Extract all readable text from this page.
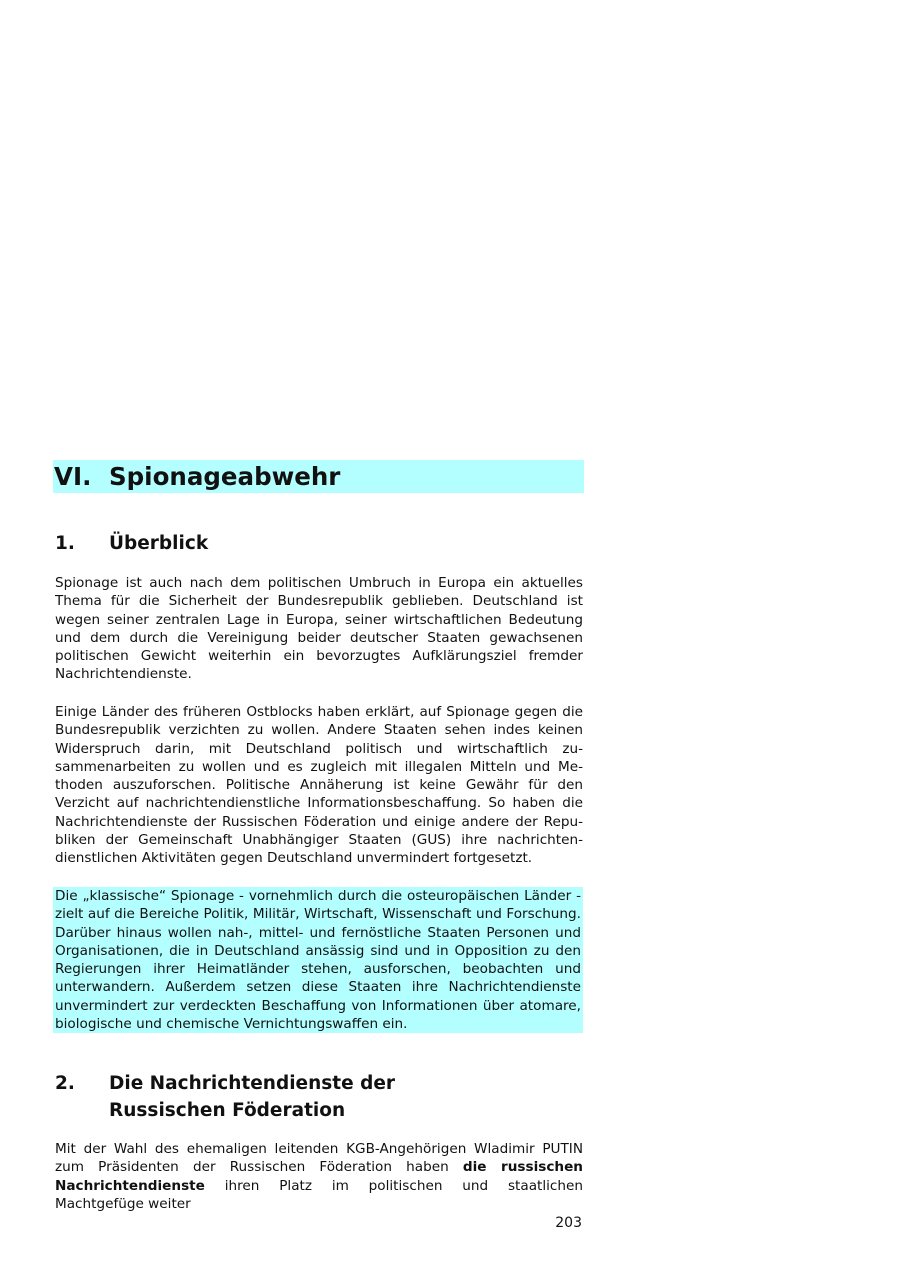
VI. Spionageabwehr
1. Überblick

Spionage ist auch nach dem politischen Umbruch in Europa ein aktuelles Thema für die Sicherheit der Bundesrepublik geblieben. Deutschland ist wegen seiner zentralen Lage in Europa, seiner wirtschaftlichen Bedeutung und dem durch die Vereinigung beider deutscher Staaten gewachsenen politischen Gewicht weiterhin ein bevorzugtes Aufklärungsziel fremder Nachrichtendienste.

Einige Länder des früheren Ostblocks haben erklärt, auf Spionage gegen die Bundesrepublik verzichten zu wollen. Andere Staaten sehen indes keinen Widerspruch darin, mit Deutschland politisch und wirtschaftlich zusammenarbeiten zu wollen und es zugleich mit illegalen Mitteln und Methoden auszuforschen. Politische Annäherung ist keine Gewähr für den Verzicht auf nachrichtendienstliche Informationsbeschaffung. So haben die Nachrichtendienste der Russischen Föderation und einige andere der Republiken der Gemeinschaft Unabhängiger Staaten (GUS) ihre nachrichtendienstlichen Aktivitäten gegen Deutschland unvermindert fortgesetzt.

Die „klassische“ Spionage - vornehmlich durch die osteuropäischen Länder - zielt auf die Bereiche Politik, Militär, Wirtschaft, Wissenschaft und Forschung. Darüber hinaus wollen nah-, mittel- und fernöstliche Staaten Personen und Organisationen, die in Deutschland ansässig sind und in Opposition zu den Regierungen ihrer Heimatländer stehen, ausforschen, beobachten und unterwandern. Außerdem setzen diese Staaten ihre Nachrichtendienste unvermindert zur verdeckten Beschaffung von Informationen über atomare, biologische und chemische Vernichtungswaffen ein.

2. Die Nachrichtendienste der
Russischen Föderation

Mit der Wahl des ehemaligen leitenden KGB-Angehörigen Wladimir PUTIN zum Präsidenten der Russischen Föderation haben die russischen Nachrichtendienste ihren Platz im politischen und staatlichen Machtgefüge weiter

203
